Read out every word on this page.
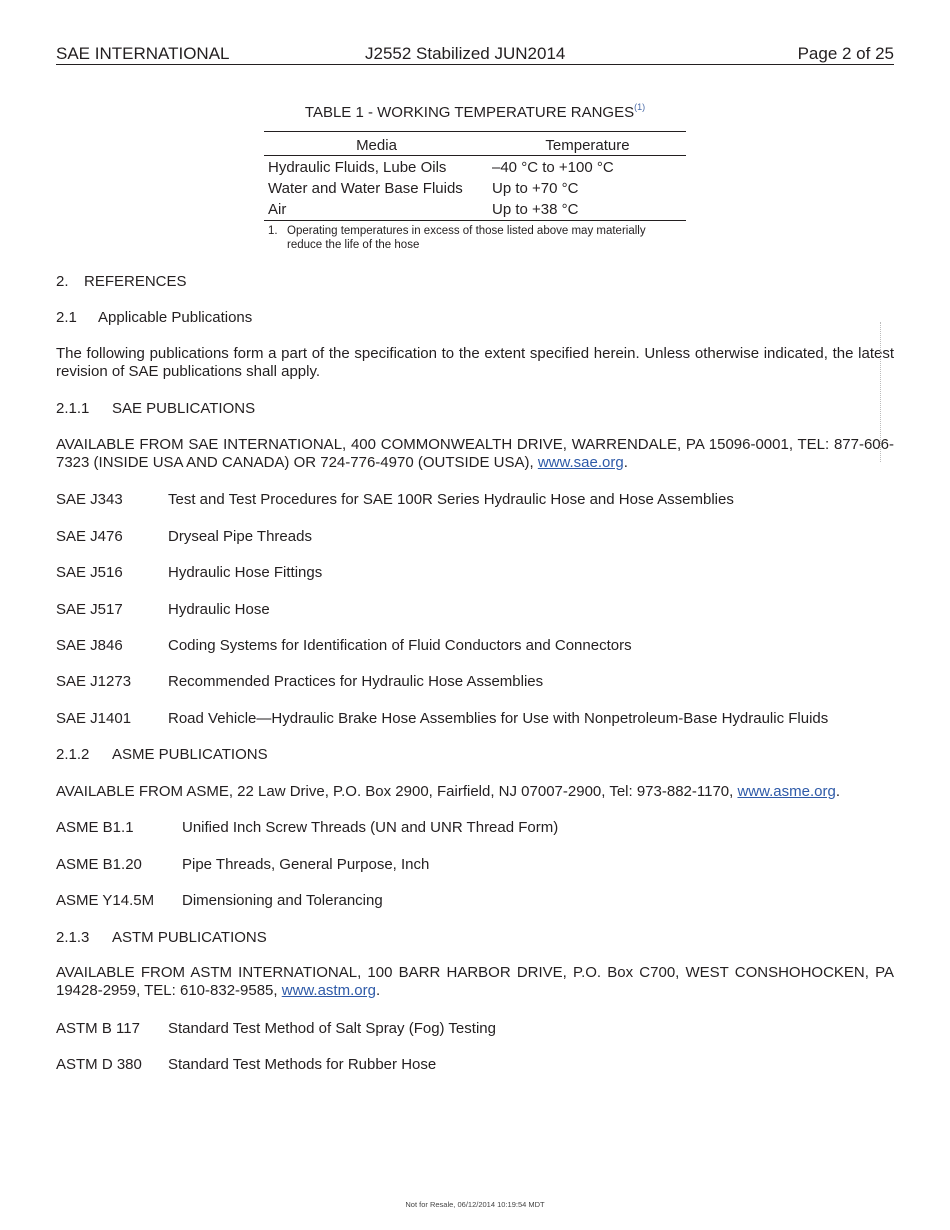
SAE INTERNATIONAL	J2552 Stabilized JUN2014	Page 2 of 25
TABLE 1 - WORKING TEMPERATURE RANGES$^{(1)}$
Media	Temperature
Hydraulic Fluids, Lube Oils	–40 °C to +100 °C
Water and Water Base Fluids Up to +70 °C
Air	Up to +38 °C
1. Operating temperatures in excess of those listed above may materially
reduce the life of the hose
2. REFERENCES
2.1 Applicable Publications
The following publications form a part of the specification to the extent specified herein. Unless otherwise indicated, the latest revision of SAE publications shall apply.
2.1.1 SAE PUBLICATIONS
AVAILABLE FROM SAE INTERNATIONAL, 400 COMMONWEALTH DRIVE, WARRENDALE, PA 15096-0001, TEL: 877-606-7323 (INSIDE USA AND CANADA) OR 724-776-4970 (OUTSIDE USA), www.sae.org.
SAE J343	Test and Test Procedures for SAE 100R Series Hydraulic Hose and Hose Assemblies
SAE J476	Dryseal Pipe Threads
SAE J516	Hydraulic Hose Fittings
SAE J517	Hydraulic Hose
SAE J846	Coding Systems for Identification of Fluid Conductors and Connectors
SAE J1273 Recommended Practices for Hydraulic Hose Assemblies
SAE J1401 Road Vehicle—Hydraulic Brake Hose Assemblies for Use with Nonpetroleum-Base Hydraulic Fluids
2.1.2 ASME PUBLICATIONS
AVAILABLE FROM ASME, 22 Law Drive, P.O. Box 2900, Fairfield, NJ 07007-2900, Tel: 973-882-1170, www.asme.org.
ASME B1.1	Unified Inch Screw Threads (UN and UNR Thread Form)
ASME B1.20	Pipe Threads, General Purpose, Inch
ASME Y14.5M Dimensioning and Tolerancing
2.1.3 ASTM PUBLICATIONS
AVAILABLE FROM ASTM INTERNATIONAL, 100 BARR HARBOR DRIVE, P.O. Box C700, WEST CONSHOHOCKEN, PA 19428-2959, TEL: 610-832-9585, www.astm.org.
ASTM B 117 Standard Test Method of Salt Spray (Fog) Testing
ASTM D 380 Standard Test Methods for Rubber Hose
Not for Resale, 06/12/2014 10:19:54 MDT
